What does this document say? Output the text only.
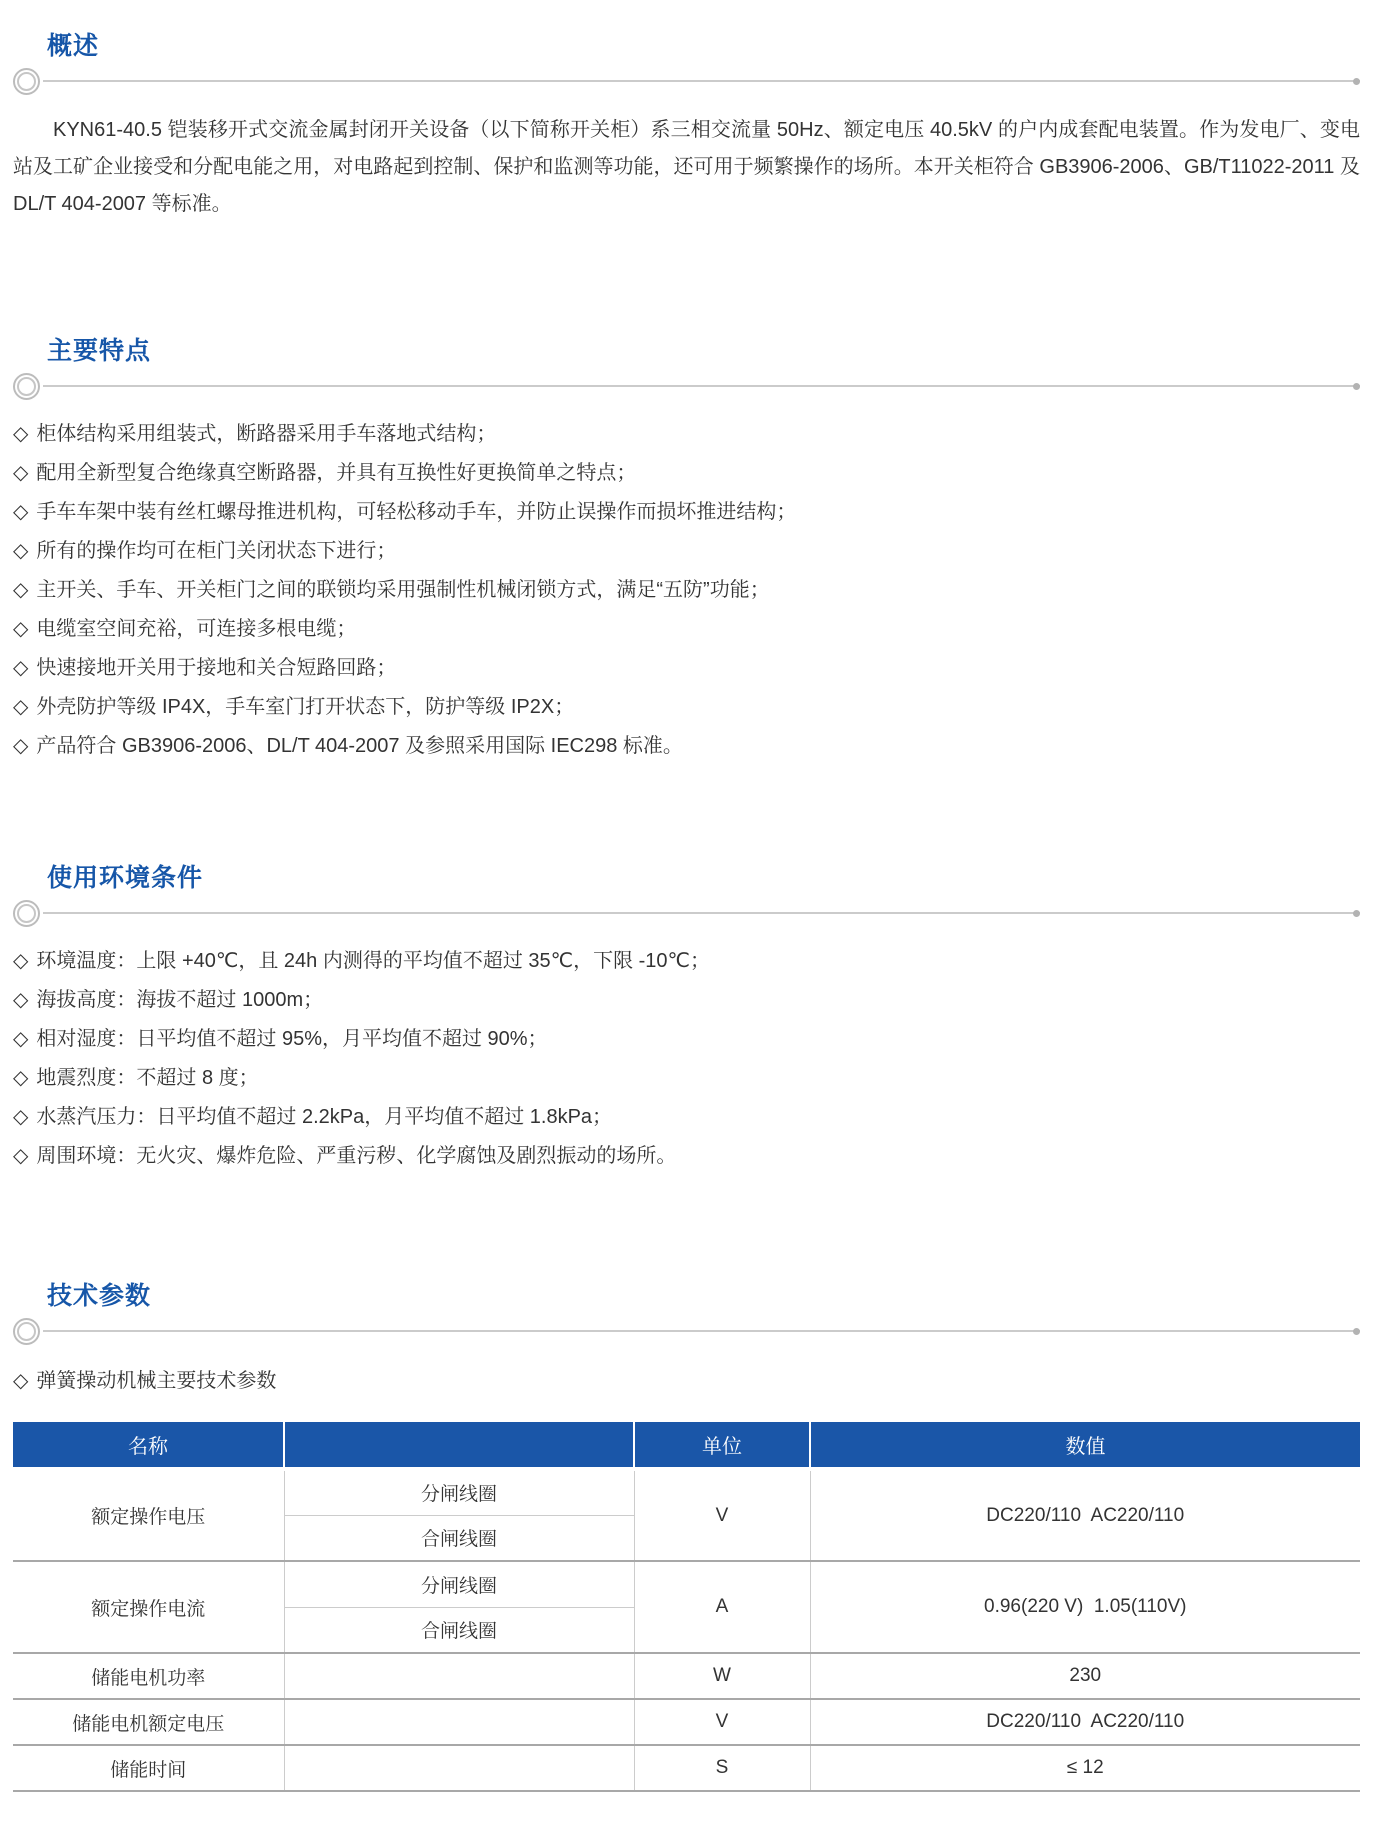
概述

KYN61-40.5 铠装移开式交流金属封闭开关设备（以下简称开关柜）系三相交流量 50Hz、额定电压 40.5kV 的户内成套配电装置。作为发电厂、变电站及工矿企业接受和分配电能之用，对电路起到控制、保护和监测等功能，还可用于频繁操作的场所。本开关柜符合 GB3906-2006、GB/T11022-2011 及 DL/T 404-2007 等标准。

主要特点
◇ 柜体结构采用组装式，断路器采用手车落地式结构；
◇ 配用全新型复合绝缘真空断路器，并具有互换性好更换简单之特点；
◇ 手车车架中装有丝杠螺母推进机构，可轻松移动手车，并防止误操作而损坏推进结构；
◇ 所有的操作均可在柜门关闭状态下进行；
◇ 主开关、手车、开关柜门之间的联锁均采用强制性机械闭锁方式，满足“五防”功能；
◇ 电缆室空间充裕，可连接多根电缆；
◇ 快速接地开关用于接地和关合短路回路；
◇ 外壳防护等级 IP4X，手车室门打开状态下，防护等级 IP2X；
◇ 产品符合 GB3906-2006、DL/T 404-2007 及参照采用国际 IEC298 标准。
使用环境条件
◇ 环境温度：上限 +40℃，且 24h 内测得的平均值不超过 35℃，下限 -10℃；
◇ 海拔高度：海拔不超过 1000m；
◇ 相对湿度：日平均值不超过 95%，月平均值不超过 90%；
◇ 地震烈度：不超过 8 度；
◇ 水蒸汽压力：日平均值不超过 2.2kPa，月平均值不超过 1.8kPa；
◇ 周围环境：无火灾、爆炸危险、严重污秽、化学腐蚀及剧烈振动的场所。
技术参数

◇ 弹簧操动机械主要技术参数

名称		单位	数值
额定操作电压	分闸线圈	V	DC220/110  AC220/110
	合闸线圈		
额定操作电流	分闸线圈	A	0.96(220 V)  1.05(110V)
	合闸线圈		
储能电机功率		W	230
储能电机额定电压		V	DC220/110  AC220/110
储能时间		S	≤ 12
